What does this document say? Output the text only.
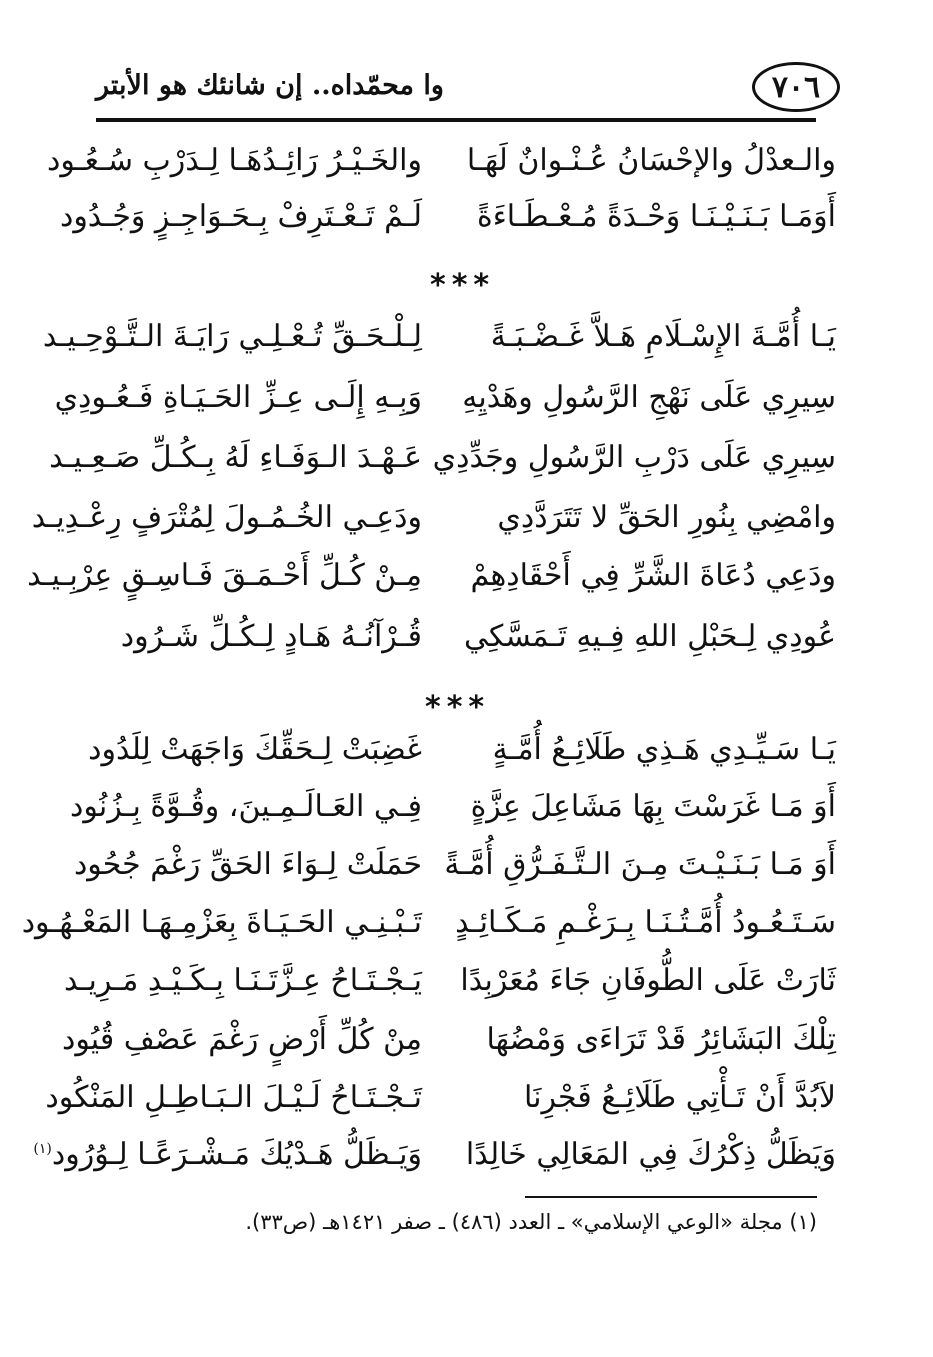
٧٠٦
وا محمّداه.. إن شانئك هو الأبتر
والـعدْلُ والإحْسَانُ عُـنْـوانٌ لَهَـا
والخَـيْـرُ رَائِـدُهَـا لِـدَرْبِ سُـعُـود
أَوَمَـا بَـنَـيْـنَـا وَحْـدَةً مُـعْـطَـاءَةً
لَـمْ تَـعْـتَرِفْ بِـحَـوَاجِـزٍ وَجُـدُود
***
يَـا أُمَّـةَ الإِسْـلَامِ هَـلاَّ غَـضْـبَـةً
لِـلْـحَـقِّ تُـعْـلِـي رَايَـةَ الـتَّـوْحِـيـد
سِيرِي عَلَى نَهْجِ الرَّسُولِ وهَدْيِهِ
وَبِـهِ إِلَـى عِـزِّ الحَـيَـاةِ فَـعُـودِي
سِيرِي عَلَى دَرْبِ الرَّسُولِ وجَدِّدِي
عَـهْـدَ الـوَفَـاءِ لَهُ بِـكُـلِّ صَـعِـيـد
وامْضِي بِنُورِ الحَقِّ لا تَتَرَدَّدِي
ودَعِـي الخُـمُـولَ لِمُتْرَفٍ رِعْـدِيـد
ودَعِي دُعَاةَ الشَّرِّ فِي أَحْقَادِهِمْ
مِـنْ كُـلِّ أَحْـمَـقَ فَـاسِـقٍ عِرْبِـيـد
عُودِي لِـحَبْلِ اللهِ فِـيهِ تَـمَسَّكِي
قُـرْآنُـهُ هَـادٍ لِـكُـلِّ شَـرُود
***
يَـا سَـيِّـدِي هَـذِي طَلَائِـعُ أُمَّـةٍ
غَضِبَتْ لِـحَقِّكَ وَاجَهَتْ لِلَدُود
أَوَ مَـا غَرَسْتَ بِهَا مَشَاعِلَ عِزَّةٍ
فِـي العَـالَـمِـينَ، وقُـوَّةً بِـزُنُود
أَوَ مَـا بَـنَـيْـتَ مِـنَ الـتَّـفَـرُّقِ أُمَّـةً
حَمَلَتْ لِـوَاءَ الحَقِّ رَغْمَ جُحُود
سَـتَـعُـودُ أُمَّـتُـنَـا بِـرَغْـمِ مَـكَـائِـدٍ
تَـبْـنِـي الحَـيَـاةَ بِعَزْمِـهَـا المَعْـهُـود
ثَارَتْ عَلَى الطُّوفَانِ جَاءَ مُعَرْبِدًا
يَـجْـتَـاحُ عِـزَّتَـنَـا بِـكَـيْـدِ مَـرِيـد
تِلْكَ البَشَائِرُ قَدْ تَرَاءَى وَمْضُهَا
مِنْ كُلِّ أَرْضٍ رَغْمَ عَصْفِ قُيُود
لاَبُدَّ أَنْ تَـأْتِي طَلَائِـعُ فَجْرِنَا
تَـجْـتَـاحُ لَـيْـلَ الـبَـاطِـلِ المَنْكُود
وَيَظَلُّ ذِكْرُكَ فِي المَعَالِي خَالِدًا
وَيَـظَلُّ هَـدْيُكَ مَـشْـرَعًـا لِـوُرُود$^{(١)}$
(١) مجلة «الوعي الإسلامي» ـ العدد (٤٨٦) ـ صفر ١٤٢١هـ (ص٣٣).
